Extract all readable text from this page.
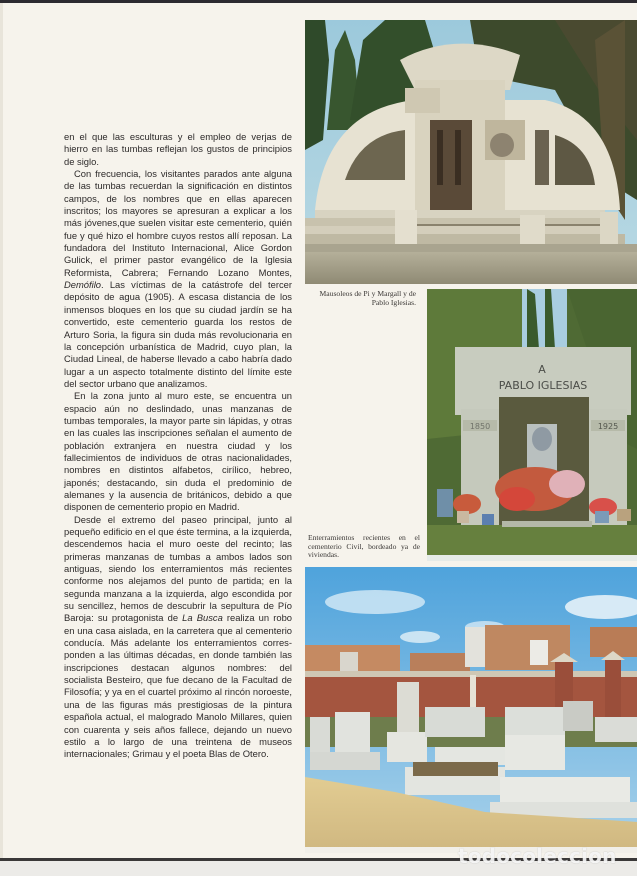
en el que las esculturas y el empleo de verjas de hierro en las tumbas reflejan los gustos de principios de siglo.

Con frecuencia, los visitantes parados ante alguna de las tumbas recuerdan la significación en distintos campos, de los nombres que en ellas aparecen inscritos; los mayores se apresuran a explicar a los más jóvenes,que suelen visitar este cementerio, quién fue y qué hizo el hombre cuyos restos allí reposan. La fundadora del Instituto Internacional, Alice Gordon Gulick, el primer pastor evangélico de la Iglesia Reformista, Cabrera; Fernando Lozano Montes, Demófilo. Las víctimas de la catástrofe del tercer depósito de agua (1905). A escasa distancia de los inmensos bloques en los que su ciudad jardín se ha convertido, este cementerio guarda los restos de Arturo Soria, la figura sin duda más revolucionaria en la concepción urbanística de Madrid, cuyo plan, la Ciudad Lineal, de haberse llevado a cabo habría dado lugar a un aspecto totalmente distinto del límite este del sector urbano que analizamos.

En la zona junto al muro este, se encuentra un espacio aún no deslindado, unas manzanas de tumbas temporales, la mayor parte sin lápidas, y otras en las cuales las inscripciones señalan el aumento de población extranjera en nuestra ciudad y los fallecimientos de individuos de otras nacionalidades, nombres en distintos alfabetos, cirílico, hebreo, japonés; destacando, sin duda el predominio de alemanes y la ausencia de británicos, debido a que disponen de cementerio propio en Madrid.

Desde el extremo del paseo principal, junto al pequeño edificio en el que éste termina, a la izquierda, descendemos hacia el muro oeste del recinto; las primeras manzanas de tumbas a ambos lados son antiguas, siendo los enterramientos más recientes conforme nos alejamos del punto de partida; en la segunda manzana a la izquierda, algo escondida por su sencillez, hemos de descubrir la sepultura de Pío Baroja: su protagonista de La Busca realiza un robo en una casa aislada, en la carretera que al cementerio conducía. Más adelante los enterramientos corresponden a las últimas décadas, en donde también las inscripciones destacan algunos nombres: del socialista Besteiro, que fue decano de la Facultad de Filosofía; y ya en el cuartel próximo al rincón noroeste, una de las figuras más prestigiosas de la pintura española actual, el malogrado Manolo Millares, quien con cuarenta y seis años fallece, dejando un nuevo estilo a lo largo de una treintena de museos internacionales; Grimau y el poeta Blas de Otero.

Mausoleos de Pi y Margall y de Pablo Iglesias.
A
PABLO IGLESIAS
1850	1925
Enterramientos recientes en el cementerio Civil, bordeado ya de viviendas.
todocoleccion
